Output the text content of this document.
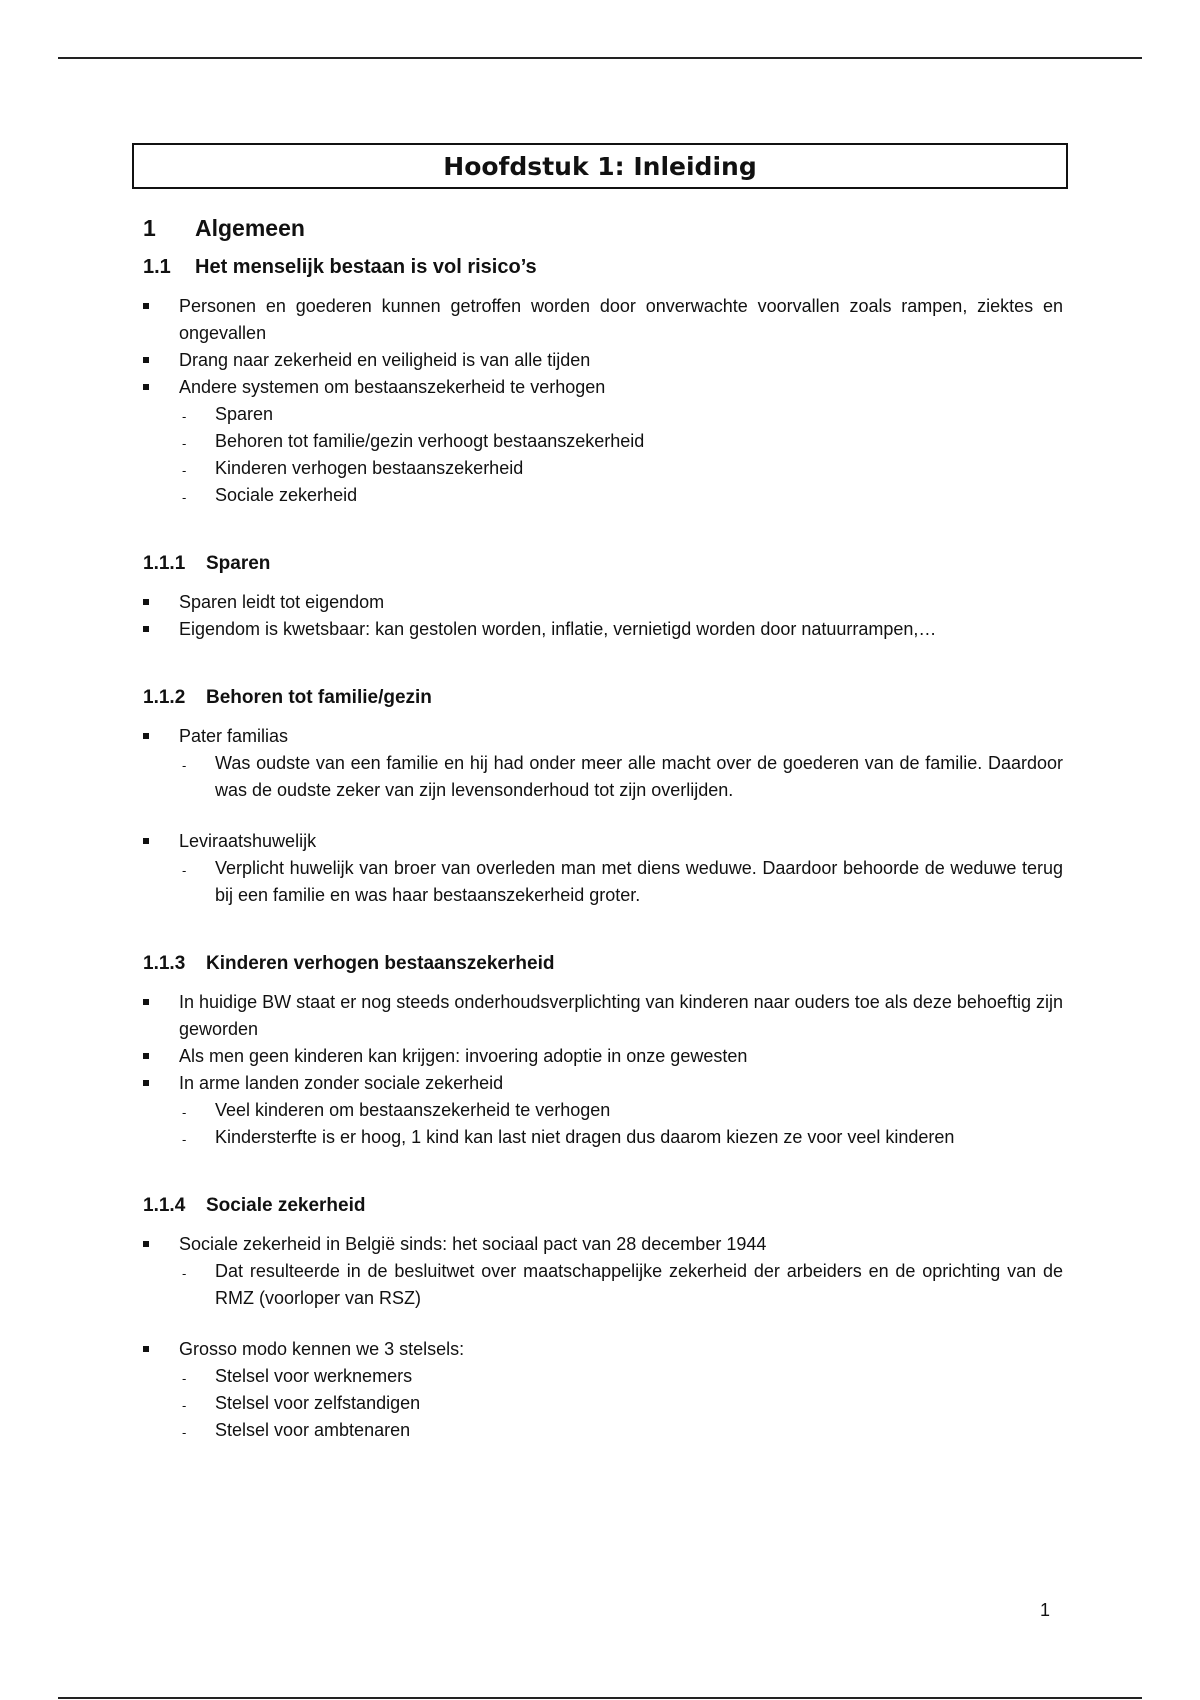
Hoofdstuk 1: Inleiding
1	Algemeen
1.1	Het menselijk bestaan is vol risico’s
Personen en goederen kunnen getroffen worden door onverwachte voorvallen zoals rampen, ziektes en ongevallen
Drang naar zekerheid en veiligheid is van alle tijden
Andere systemen om bestaanszekerheid te verhogen
- Sparen
- Behoren tot familie/gezin verhoogt bestaanszekerheid
- Kinderen verhogen bestaanszekerheid
- Sociale zekerheid
1.1.1	Sparen
Sparen leidt tot eigendom
Eigendom is kwetsbaar: kan gestolen worden, inflatie, vernietigd worden door natuurrampen,…
1.1.2	Behoren tot familie/gezin
Pater familias
- Was oudste van een familie en hij had onder meer alle macht over de goederen van de familie. Daardoor was de oudste zeker van zijn levensonderhoud tot zijn overlijden.
Leviraatshuwelijk
- Verplicht huwelijk van broer van overleden man met diens weduwe. Daardoor behoorde de weduwe terug bij een familie en was haar bestaanszekerheid groter.
1.1.3	Kinderen verhogen bestaanszekerheid
In huidige BW staat er nog steeds onderhoudsverplichting van kinderen naar ouders toe als deze behoeftig zijn geworden
Als men geen kinderen kan krijgen: invoering adoptie in onze gewesten
In arme landen zonder sociale zekerheid
- Veel kinderen om bestaanszekerheid te verhogen
- Kindersterfte is er hoog, 1 kind kan last niet dragen dus daarom kiezen ze voor veel kinderen
1.1.4	Sociale zekerheid
Sociale zekerheid in België sinds: het sociaal pact van 28 december 1944
- Dat resulteerde in de besluitwet over maatschappelijke zekerheid der arbeiders en de oprichting van de RMZ (voorloper van RSZ)
Grosso modo kennen we 3 stelsels:
- Stelsel voor werknemers
- Stelsel voor zelfstandigen
- Stelsel voor ambtenaren
1
